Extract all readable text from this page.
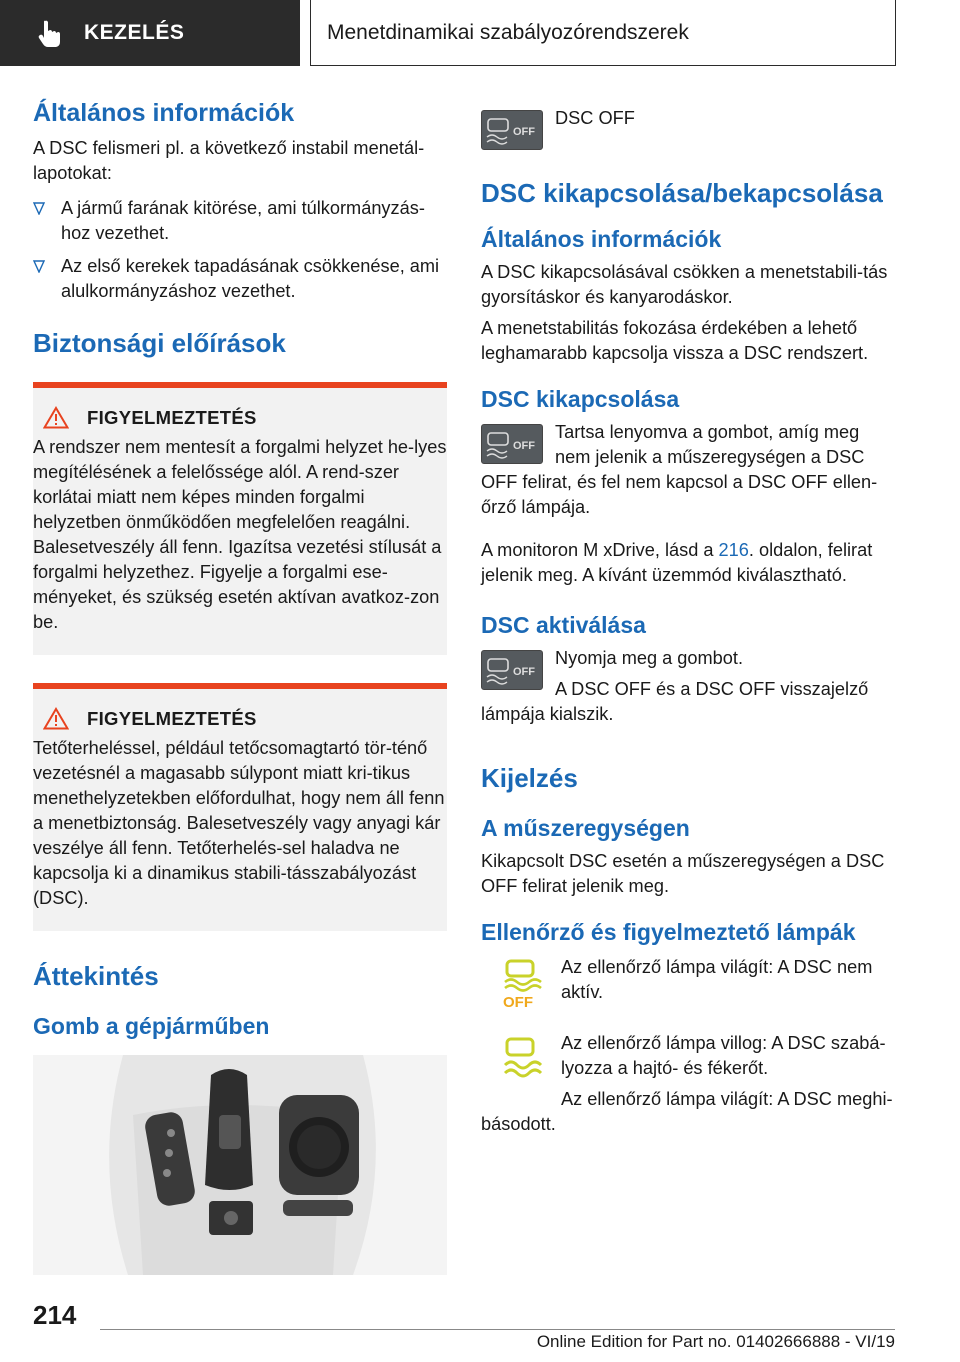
KEZELÉS	Menetdinamikai szabályozórendszerek
Általános információk
A DSC felismeri pl. a következő instabil menetál-lapotokat:
A jármű farának kitörése, ami túlkormányzás-hoz vezethet.
Az első kerekek tapadásának csökkenése, ami alulkormányzáshoz vezethet.
Biztonsági előírások
FIGYELMEZTETÉS
A rendszer nem mentesít a forgalmi helyzet he-lyes megítélésének a felelőssége alól. A rend-szer korlátai miatt nem képes minden forgalmi helyzetben önműködően megfelelően reagálni. Balesetveszély áll fenn. Igazítsa vezetési stílusát a forgalmi helyzethez. Figyelje a forgalmi ese-ményeket, és szükség esetén aktívan avatkoz-zon be.
FIGYELMEZTETÉS
Tetőterheléssel, például tetőcsomagtartó tör-ténő vezetésnél a magasabb súlypont miatt kri-tikus menethelyzetekben előfordulhat, hogy nem áll fenn a menetbiztonság. Balesetveszély vagy anyagi kár veszélye áll fenn. Tetőterhelés-sel haladva ne kapcsolja ki a dinamikus stabili-tásszabályozást (DSC).
Áttekintés
Gomb a gépjárműben
OFF
DSC OFF
DSC kikapcsolása/bekapcsolása
Általános információk
A DSC kikapcsolásával csökken a menetstabili-tás gyorsításkor és kanyarodáskor.
A menetstabilitás fokozása érdekében a lehető leghamarabb kapcsolja vissza a DSC rendszert.
DSC kikapcsolása
OFF
Tartsa lenyomva a gombot, amíg meg nem jelenik a műszeregységen a DSC OFF felirat, és fel nem kapcsol a DSC OFF ellen-őrző lámpája.
A monitoron M xDrive, lásd a 216. oldalon, felirat jelenik meg. A kívánt üzemmód kiválasztható.
DSC aktiválása
OFF
Nyomja meg a gombot.
A DSC OFF és a DSC OFF visszajelző lámpája kialszik.
Kijelzés
A műszeregységen
Kikapcsolt DSC esetén a műszeregységen a DSC OFF felirat jelenik meg.
Ellenőrző és figyelmeztető lámpák
OFF
Az ellenőrző lámpa világít: A DSC nem aktív.
Az ellenőrző lámpa villog: A DSC szabá-lyozza a hajtó- és fékerőt.
Az ellenőrző lámpa világít: A DSC meghi-básodott.
214
Online Edition for Part no. 01402666888 - VI/19
